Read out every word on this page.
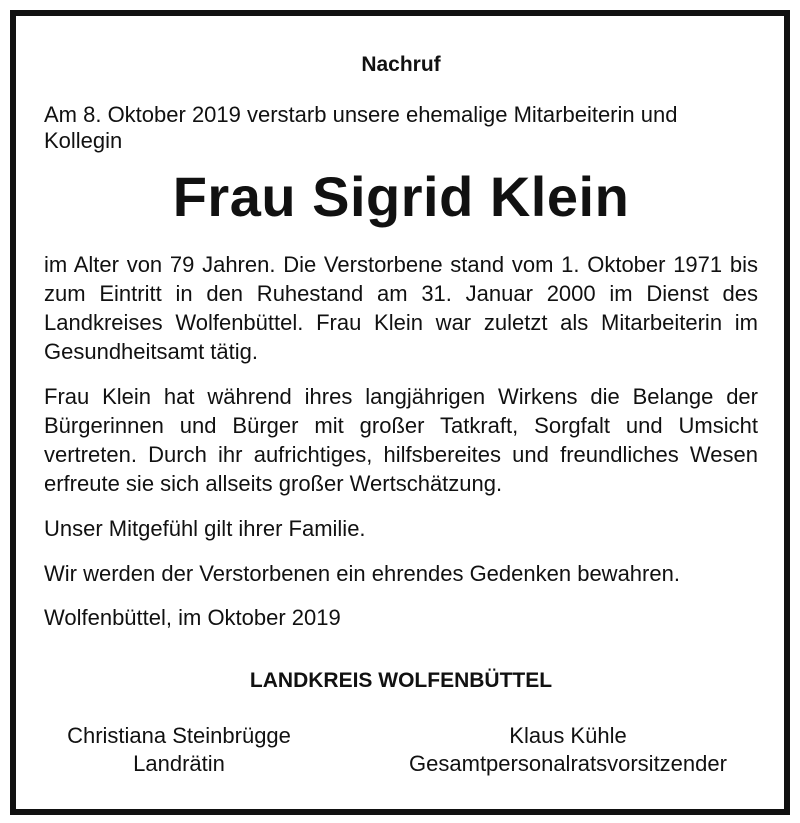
Nachruf

Am 8. Oktober 2019 verstarb unsere ehemalige Mitarbeiterin und Kollegin

Frau Sigrid Klein

im Alter von 79 Jahren. Die Verstorbene stand vom 1. Oktober 1971 bis zum Eintritt in den Ruhestand am 31. Januar 2000 im Dienst des Landkreises Wolfenbüttel. Frau Klein war zuletzt als Mitarbeiterin im Gesundheitsamt tätig.

Frau Klein hat während ihres langjährigen Wirkens die Belange der Bürgerinnen und Bürger mit großer Tatkraft, Sorgfalt und Umsicht vertreten. Durch ihr aufrichtiges, hilfsbereites und freundliches Wesen erfreute sie sich allseits großer Wertschätzung.

Unser Mitgefühl gilt ihrer Familie.

Wir werden der Verstorbenen ein ehrendes Gedenken bewahren.

Wolfenbüttel, im Oktober 2019
LANDKREIS WOLFENBÜTTEL
Christiana Steinbrügge
Landrätin
Klaus Kühle
Gesamtpersonalratsvorsitzender
